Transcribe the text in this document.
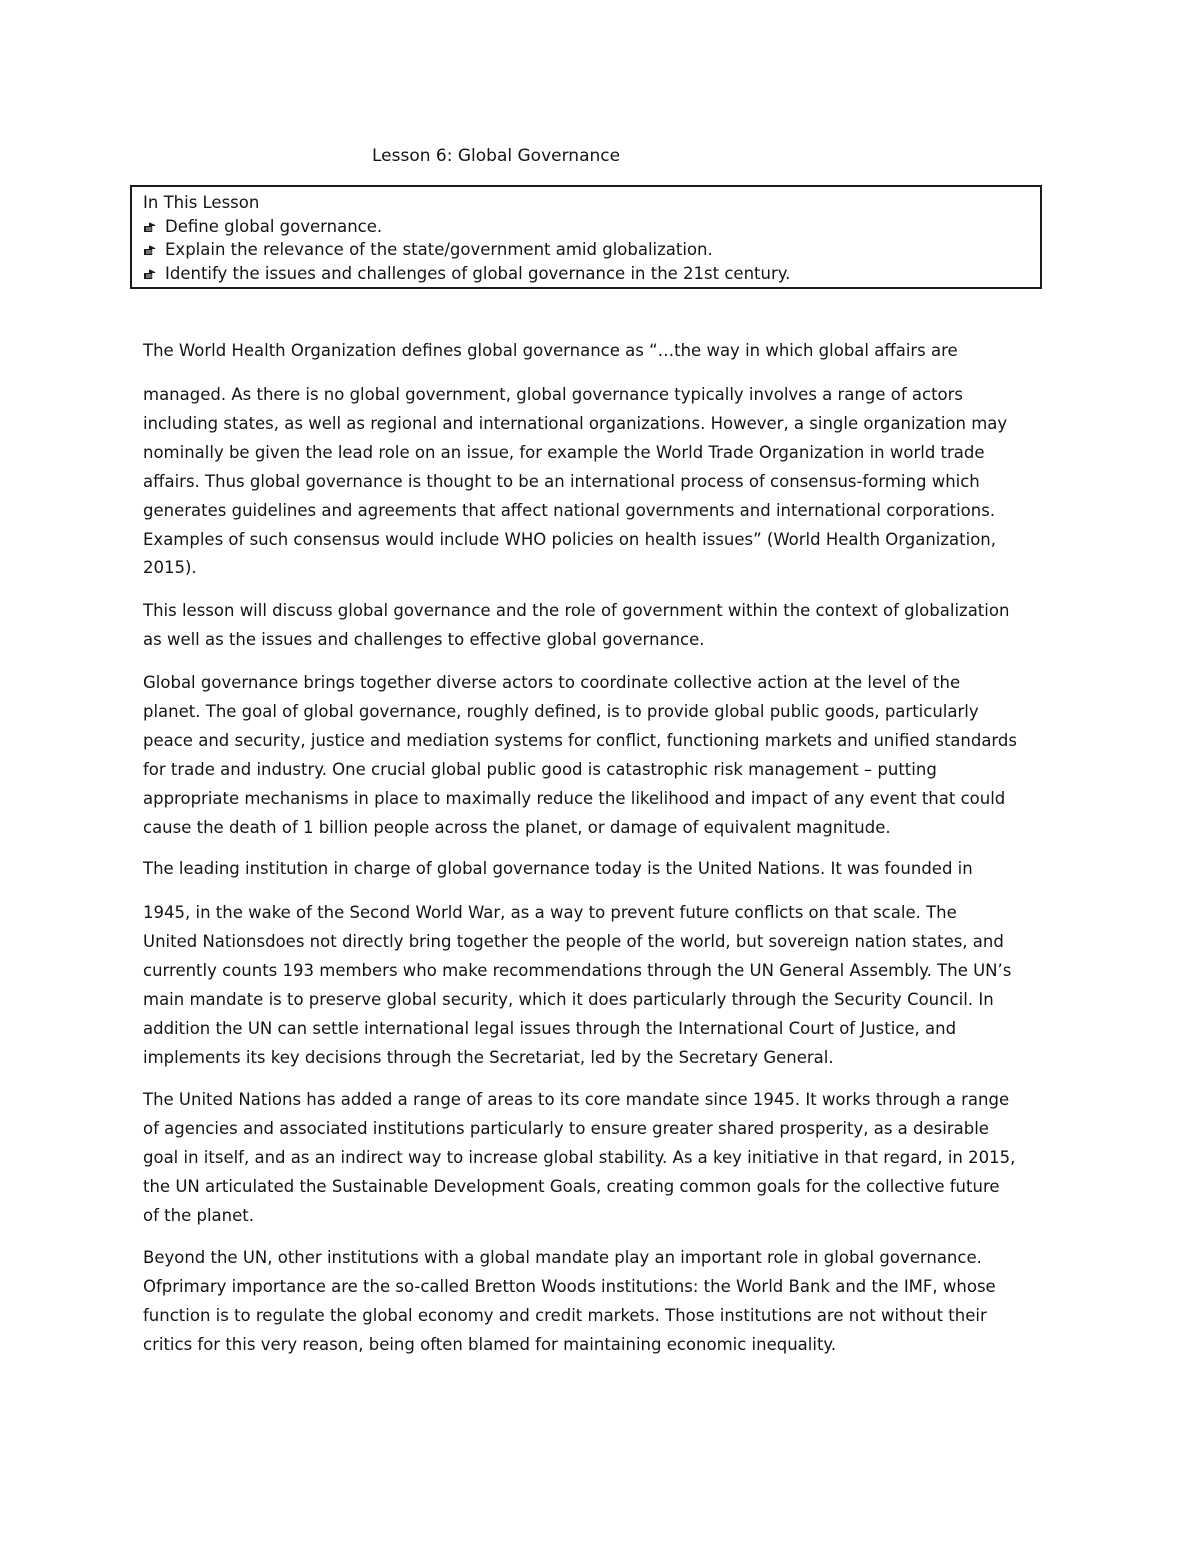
Lesson 6: Global Governance
In This Lesson
Define global governance.
Explain the relevance of the state/government amid globalization.
Identify the issues and challenges of global governance in the 21st century.

The World Health Organization defines global governance as “…the way in which global affairs are

managed. As there is no global government, global governance typically involves a range of actors
including states, as well as regional and international organizations. However, a single organization may
nominally be given the lead role on an issue, for example the World Trade Organization in world trade
affairs. Thus global governance is thought to be an international process of consensus-forming which
generates guidelines and agreements that affect national governments and international corporations.
Examples of such consensus would include WHO policies on health issues” (World Health Organization,
2015).

This lesson will discuss global governance and the role of government within the context of globalization
as well as the issues and challenges to effective global governance.

Global governance brings together diverse actors to coordinate collective action at the level of the
planet. The goal of global governance, roughly defined, is to provide global public goods, particularly
peace and security, justice and mediation systems for conflict, functioning markets and unified standards
for trade and industry. One crucial global public good is catastrophic risk management – putting
appropriate mechanisms in place to maximally reduce the likelihood and impact of any event that could
cause the death of 1 billion people across the planet, or damage of equivalent magnitude.

The leading institution in charge of global governance today is the United Nations. It was founded in

1945, in the wake of the Second World War, as a way to prevent future conflicts on that scale. The
United Nationsdoes not directly bring together the people of the world, but sovereign nation states, and
currently counts 193 members who make recommendations through the UN General Assembly. The UN’s
main mandate is to preserve global security, which it does particularly through the Security Council. In
addition the UN can settle international legal issues through the International Court of Justice, and
implements its key decisions through the Secretariat, led by the Secretary General.

The United Nations has added a range of areas to its core mandate since 1945. It works through a range
of agencies and associated institutions particularly to ensure greater shared prosperity, as a desirable
goal in itself, and as an indirect way to increase global stability. As a key initiative in that regard, in 2015,
the UN articulated the Sustainable Development Goals, creating common goals for the collective future
of the planet.

Beyond the UN, other institutions with a global mandate play an important role in global governance.
Ofprimary importance are the so-called Bretton Woods institutions: the World Bank and the IMF, whose
function is to regulate the global economy and credit markets. Those institutions are not without their
critics for this very reason, being often blamed for maintaining economic inequality.
